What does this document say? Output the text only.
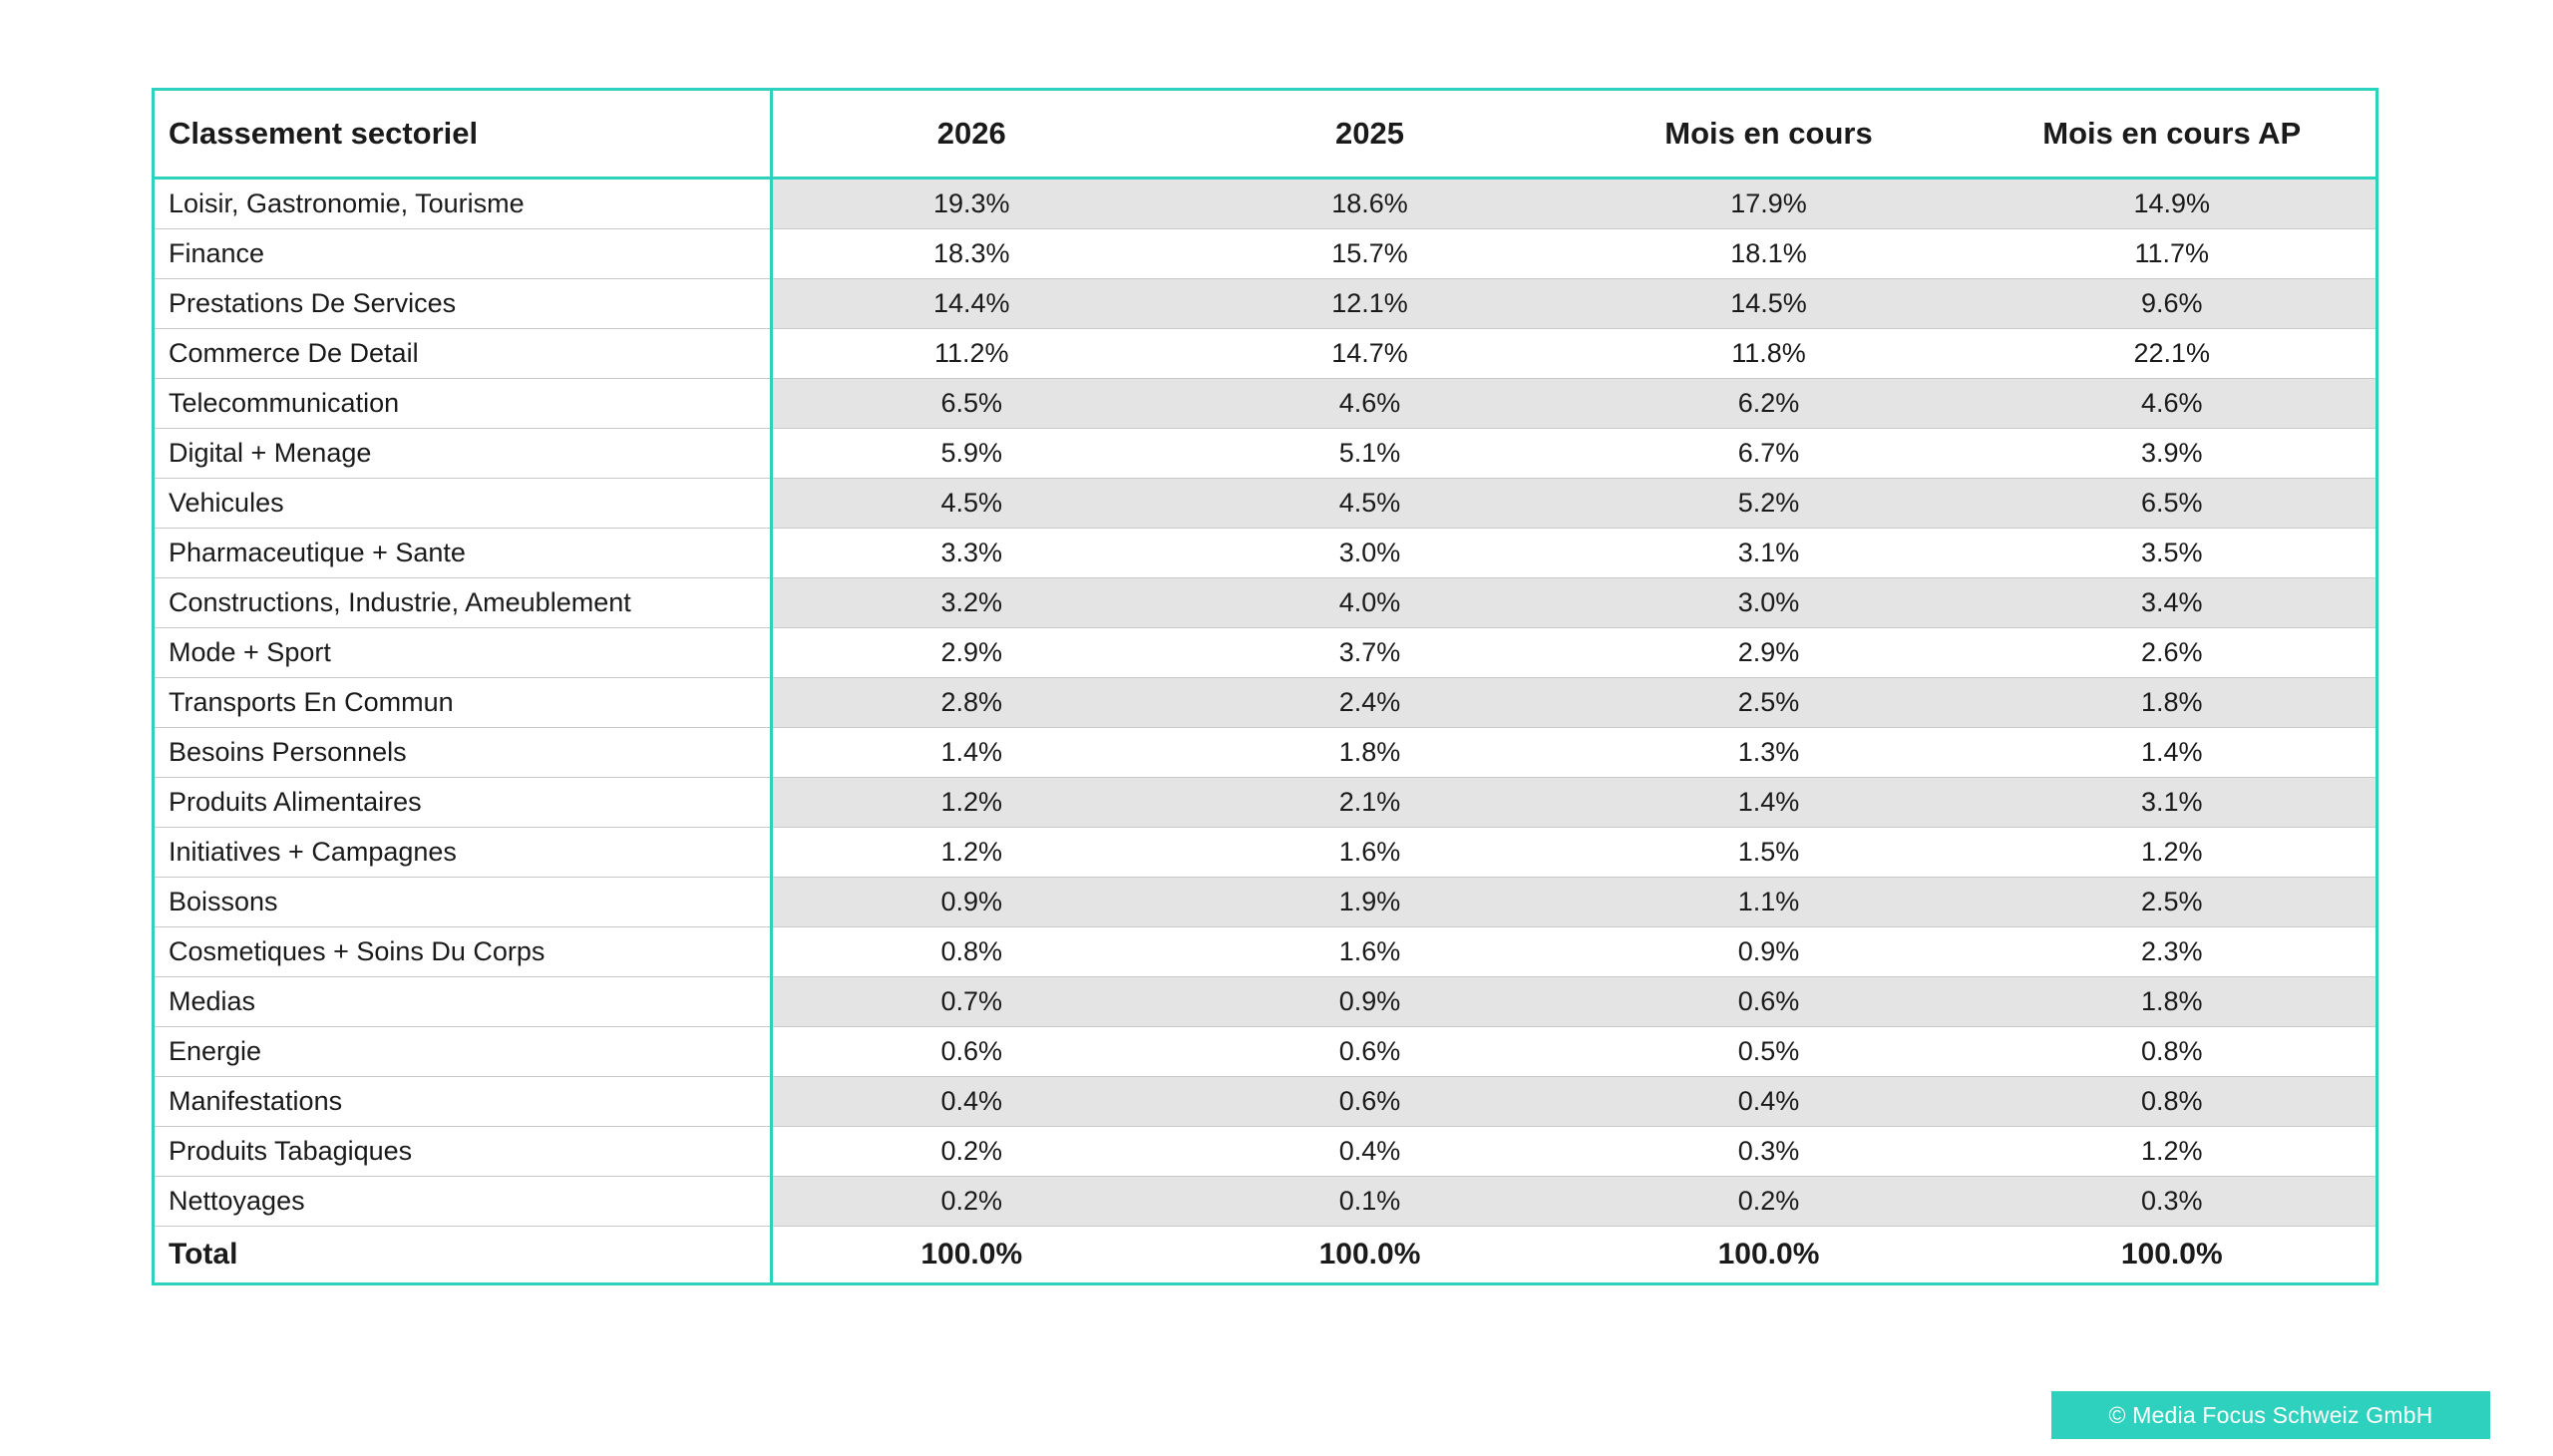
Classement sectoriel	2026	2025	Mois en cours	Mois en cours AP
Loisir, Gastronomie, Tourisme	19.3%	18.6%	17.9%	14.9%
Finance	18.3%	15.7%	18.1%	11.7%
Prestations De Services	14.4%	12.1%	14.5%	9.6%
Commerce De Detail	11.2%	14.7%	11.8%	22.1%
Telecommunication	6.5%	4.6%	6.2%	4.6%
Digital + Menage	5.9%	5.1%	6.7%	3.9%
Vehicules	4.5%	4.5%	5.2%	6.5%
Pharmaceutique + Sante	3.3%	3.0%	3.1%	3.5%
Constructions, Industrie, Ameublement	3.2%	4.0%	3.0%	3.4%
Mode + Sport	2.9%	3.7%	2.9%	2.6%
Transports En Commun	2.8%	2.4%	2.5%	1.8%
Besoins Personnels	1.4%	1.8%	1.3%	1.4%
Produits Alimentaires	1.2%	2.1%	1.4%	3.1%
Initiatives + Campagnes	1.2%	1.6%	1.5%	1.2%
Boissons	0.9%	1.9%	1.1%	2.5%
Cosmetiques + Soins Du Corps	0.8%	1.6%	0.9%	2.3%
Medias	0.7%	0.9%	0.6%	1.8%
Energie	0.6%	0.6%	0.5%	0.8%
Manifestations	0.4%	0.6%	0.4%	0.8%
Produits Tabagiques	0.2%	0.4%	0.3%	1.2%
Nettoyages	0.2%	0.1%	0.2%	0.3%
Total	100.0%	100.0%	100.0%	100.0%
© Media Focus Schweiz GmbH
